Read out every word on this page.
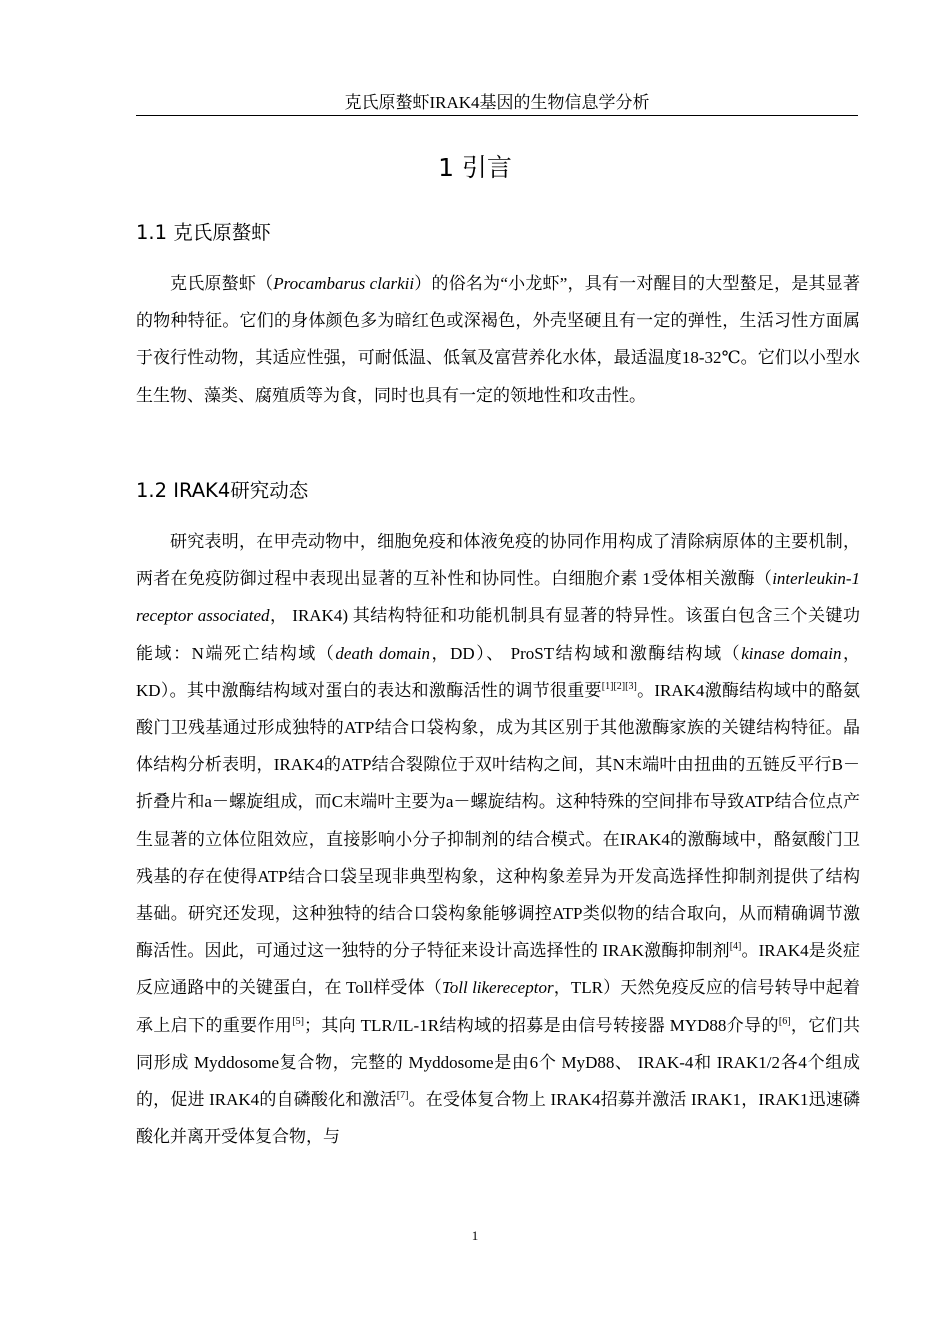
克氏原螯虾IRAK4基因的生物信息学分析
1 引言
1.1 克氏原螯虾
克氏原螯虾（Procambarus clarkii）的俗名为“小龙虾”，具有一对醒目的大型螯足，是其显著的物种特征。它们的身体颜色多为暗红色或深褐色，外壳坚硬且有一定的弹性，生活习性方面属于夜行性动物，其适应性强，可耐低温、低氧及富营养化水体，最适温度18-32℃。它们以小型水生生物、藻类、腐殖质等为食，同时也具有一定的领地性和攻击性。
1.2 IRAK4研究动态
研究表明，在甲壳动物中，细胞免疫和体液免疫的协同作用构成了清除病原体的主要机制，两者在免疫防御过程中表现出显著的互补性和协同性。白细胞介素 1受体相关激酶（interleukin-1 receptor associated， IRAK4) 其结构特征和功能机制具有显著的特异性。该蛋白包含三个关键功能域：N端死亡结构域（death domain，DD）、 ProST结构域和激酶结构域（kinase domain，KD）。其中激酶结构域对蛋白的表达和激酶活性的调节很重要[1][2][3]。IRAK4激酶结构域中的酪氨酸门卫残基通过形成独特的ATP结合口袋构象，成为其区别于其他激酶家族的关键结构特征。晶体结构分析表明，IRAK4的ATP结合裂隙位于双叶结构之间，其N末端叶由扭曲的五链反平行B－折叠片和a－螺旋组成，而C末端叶主要为a－螺旋结构。这种特殊的空间排布导致ATP结合位点产生显著的立体位阻效应，直接影响小分子抑制剂的结合模式。在IRAK4的激酶域中，酪氨酸门卫残基的存在使得ATP结合口袋呈现非典型构象，这种构象差异为开发高选择性抑制剂提供了结构基础。研究还发现，这种独特的结合口袋构象能够调控ATP类似物的结合取向，从而精确调节激酶活性。因此，可通过这一独特的分子特征来设计高选择性的 IRAK激酶抑制剂[4]。IRAK4是炎症反应通路中的关键蛋白，在 Toll样受体（Toll likereceptor，TLR）天然免疫反应的信号转导中起着承上启下的重要作用[5]；其向 TLR/IL-1R结构域的招募是由信号转接器 MYD88介导的[6]，它们共同形成 Myddosome复合物，完整的 Myddosome是由6个 MyD88、 IRAK-4和 IRAK1/2各4个组成的，促进 IRAK4的自磷酸化和激活[7]。在受体复合物上 IRAK4招募并激活 IRAK1，IRAK1迅速磷酸化并离开受体复合物，与
1
